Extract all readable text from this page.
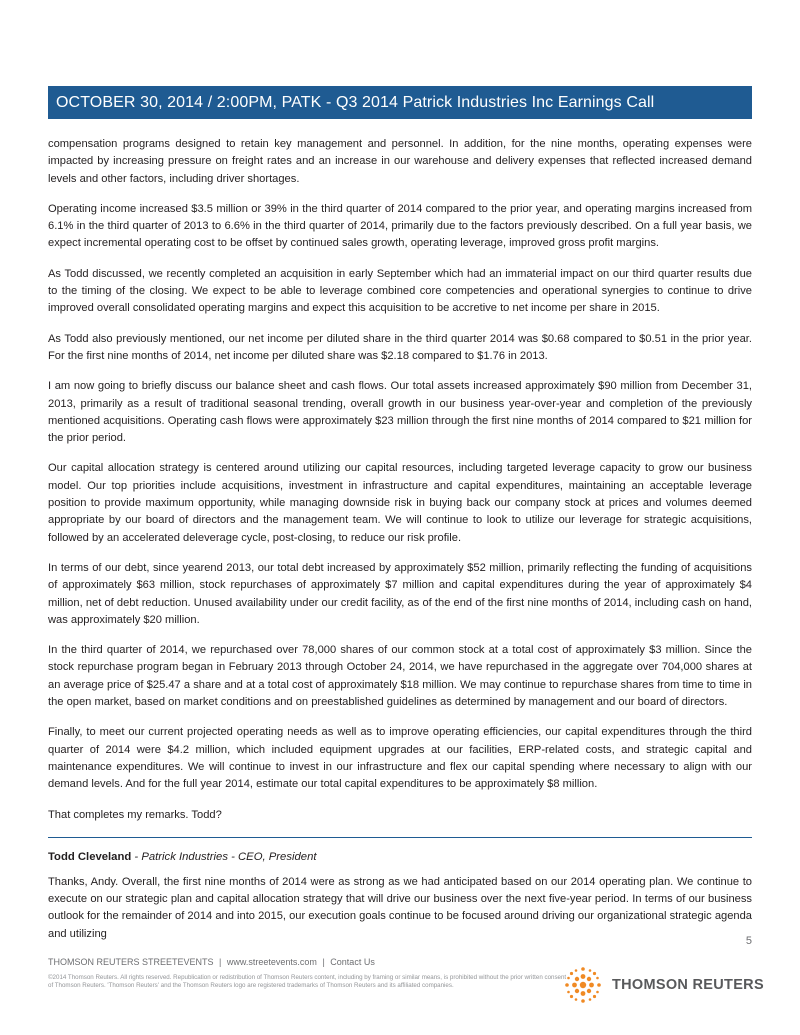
OCTOBER 30, 2014 / 2:00PM, PATK - Q3 2014 Patrick Industries Inc Earnings Call

compensation programs designed to retain key management and personnel. In addition, for the nine months, operating expenses were impacted by increasing pressure on freight rates and an increase in our warehouse and delivery expenses that reflected increased demand levels and other factors, including driver shortages.

Operating income increased $3.5 million or 39% in the third quarter of 2014 compared to the prior year, and operating margins increased from 6.1% in the third quarter of 2013 to 6.6% in the third quarter of 2014, primarily due to the factors previously described. On a full year basis, we expect incremental operating cost to be offset by continued sales growth, operating leverage, improved gross profit margins.

As Todd discussed, we recently completed an acquisition in early September which had an immaterial impact on our third quarter results due to the timing of the closing. We expect to be able to leverage combined core competencies and operational synergies to continue to drive improved overall consolidated operating margins and expect this acquisition to be accretive to net income per share in 2015.

As Todd also previously mentioned, our net income per diluted share in the third quarter 2014 was $0.68 compared to $0.51 in the prior year. For the first nine months of 2014, net income per diluted share was $2.18 compared to $1.76 in 2013.

I am now going to briefly discuss our balance sheet and cash flows. Our total assets increased approximately $90 million from December 31, 2013, primarily as a result of traditional seasonal trending, overall growth in our business year-over-year and completion of the previously mentioned acquisitions. Operating cash flows were approximately $23 million through the first nine months of 2014 compared to $21 million for the prior period.

Our capital allocation strategy is centered around utilizing our capital resources, including targeted leverage capacity to grow our business model. Our top priorities include acquisitions, investment in infrastructure and capital expenditures, maintaining an acceptable leverage position to provide maximum opportunity, while managing downside risk in buying back our company stock at prices and volumes deemed appropriate by our board of directors and the management team. We will continue to look to utilize our leverage for strategic acquisitions, followed by an accelerated deleverage cycle, post-closing, to reduce our risk profile.

In terms of our debt, since yearend 2013, our total debt increased by approximately $52 million, primarily reflecting the funding of acquisitions of approximately $63 million, stock repurchases of approximately $7 million and capital expenditures during the year of approximately $4 million, net of debt reduction. Unused availability under our credit facility, as of the end of the first nine months of 2014, including cash on hand, was approximately $20 million.

In the third quarter of 2014, we repurchased over 78,000 shares of our common stock at a total cost of approximately $3 million. Since the stock repurchase program began in February 2013 through October 24, 2014, we have repurchased in the aggregate over 704,000 shares at an average price of $25.47 a share and at a total cost of approximately $18 million. We may continue to repurchase shares from time to time in the open market, based on market conditions and on preestablished guidelines as determined by management and our board of directors.

Finally, to meet our current projected operating needs as well as to improve operating efficiencies, our capital expenditures through the third quarter of 2014 were $4.2 million, which included equipment upgrades at our facilities, ERP-related costs, and strategic capital and maintenance expenditures. We will continue to invest in our infrastructure and flex our capital spending where necessary to align with our demand levels. And for the full year 2014, estimate our total capital expenditures to be approximately $8 million.

That completes my remarks. Todd?

Todd Cleveland - Patrick Industries - CEO, President

Thanks, Andy. Overall, the first nine months of 2014 were as strong as we had anticipated based on our 2014 operating plan. We continue to execute on our strategic plan and capital allocation strategy that will drive our business over the next five-year period. In terms of our business outlook for the remainder of 2014 and into 2015, our execution goals continue to be focused around driving our organizational strategic agenda and utilizing

5
THOMSON REUTERS STREETEVENTS | www.streetevents.com | Contact Us
©2014 Thomson Reuters. All rights reserved. Republication or redistribution of Thomson Reuters content, including by framing or similar means, is prohibited without the prior written consent of Thomson Reuters. 'Thomson Reuters' and the Thomson Reuters logo are registered trademarks of Thomson Reuters and its affiliated companies.	THOMSON REUTERS
